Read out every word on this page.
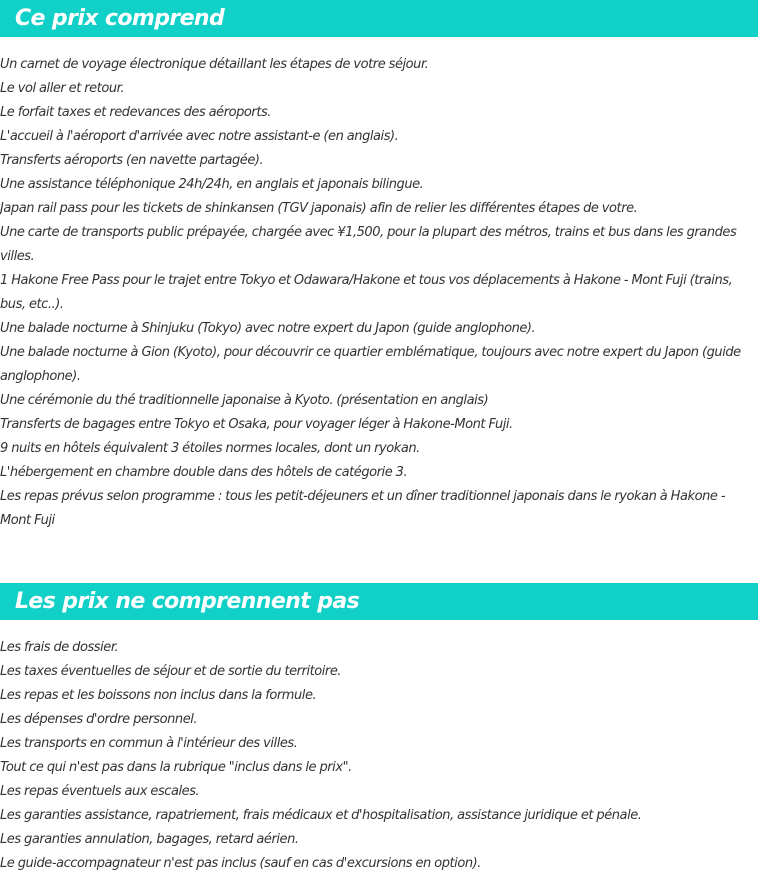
Ce prix comprend
Un carnet de voyage électronique détaillant les étapes de votre séjour.
Le vol aller et retour.
Le forfait taxes et redevances des aéroports.
L'accueil à l'aéroport d'arrivée avec notre assistant-e (en anglais).
Transferts aéroports (en navette partagée).
Une assistance téléphonique 24h/24h, en anglais et japonais bilingue.
Japan rail pass pour les tickets de shinkansen (TGV japonais) afin de relier les différentes étapes de votre.
Une carte de transports public prépayée, chargée avec ¥1,500, pour la plupart des métros, trains et bus dans les grandes villes.
1 Hakone Free Pass pour le trajet entre Tokyo et Odawara/Hakone et tous vos déplacements à Hakone - Mont Fuji (trains, bus, etc..).
Une balade nocturne à Shinjuku (Tokyo) avec notre expert du Japon (guide anglophone).
Une balade nocturne à Gion (Kyoto), pour découvrir ce quartier emblématique, toujours avec notre expert du Japon (guide anglophone).
Une cérémonie du thé traditionnelle japonaise à Kyoto. (présentation en anglais)
Transferts de bagages entre Tokyo et Osaka, pour voyager léger à Hakone-Mont Fuji.
9 nuits en hôtels équivalent 3 étoiles normes locales, dont un ryokan.
L'hébergement en chambre double dans des hôtels de catégorie 3.
Les repas prévus selon programme : tous les petit-déjeuners et un dîner traditionnel japonais dans le ryokan à Hakone - Mont Fuji
Les prix ne comprennent pas
Les frais de dossier.
Les taxes éventuelles de séjour et de sortie du territoire.
Les repas et les boissons non inclus dans la formule.
Les dépenses d'ordre personnel.
Les transports en commun à l'intérieur des villes.
Tout ce qui n'est pas dans la rubrique "inclus dans le prix".
Les repas éventuels aux escales.
Les garanties assistance, rapatriement, frais médicaux et d'hospitalisation, assistance juridique et pénale.
Les garanties annulation, bagages, retard aérien.
Le guide-accompagnateur n'est pas inclus (sauf en cas d'excursions en option).
